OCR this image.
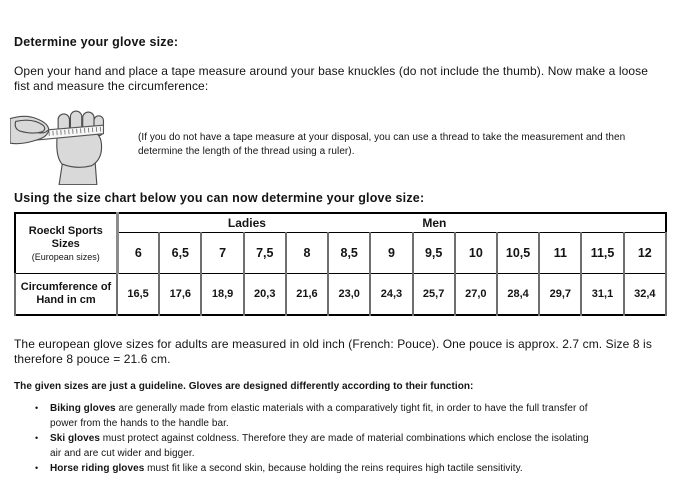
Determine your glove size:

Open your hand and place a tape measure around your base knuckles (do not include the thumb). Now make a loose fist and measure the circumference:

(If you do not have a tape measure at your disposal, you can use a thread to take the measurement and then determine the length of the thread using a ruler).

Using the size chart below you can now determine your glove size:
Roeckl Sports Sizes
(European sizes)

Ladies	Men

	6	6,5	7	7,5	8	8,5	9	9,5	10	10,5	11	11,5	12

Circumference of
Hand in cm	16,5	17,6	18,9	20,3	21,6	23,0	24,3	25,7	27,0	28,4	29,7	31,1	32,4

The european glove sizes for adults are measured in old inch (French: Pouce). One pouce is approx. 2.7 cm. Size 8 is therefore 8 pouce = 21.6 cm.

The given sizes are just a guideline. Gloves are designed differently according to their function:

•	Biking gloves are generally made from elastic materials with a comparatively tight fit, in order to have the full transfer of power from the hands to the handle bar.
•	Ski gloves must protect against coldness. Therefore they are made of material combinations which enclose the isolating air and are cut wider and bigger.
•	Horse riding gloves must fit like a second skin, because holding the reins requires high tactile sensitivity.
